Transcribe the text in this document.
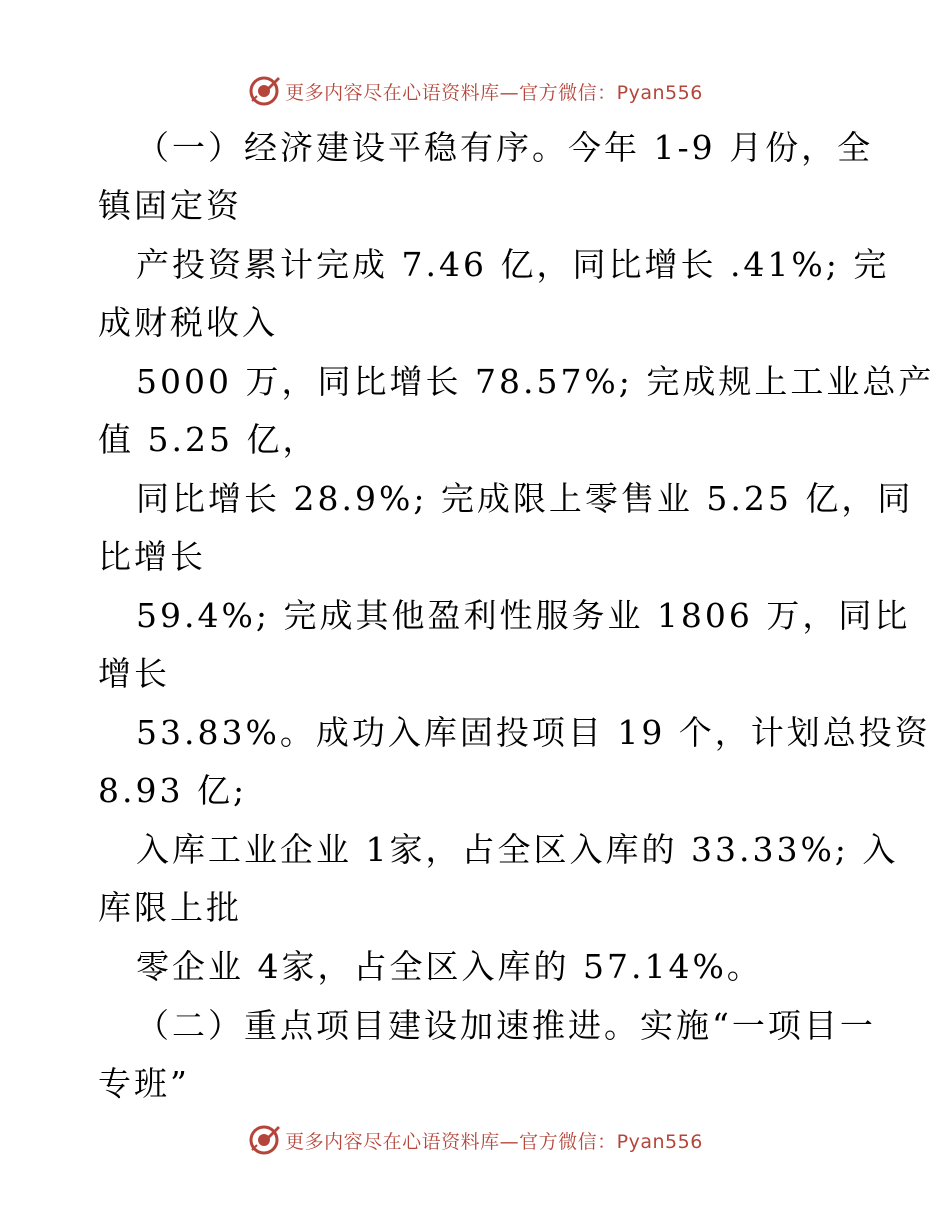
更多内容尽在心语资料库—官方微信：Pyan556
（一）经济建设平稳有序。今年 1-9 月份，全
镇固定资
产投资累计完成 7.46 亿，同比增长 .41%; 完
成财税收入
5000 万，同比增长 78.57%; 完成规上工业总产
值 5.25 亿，
同比增长 28.9%; 完成限上零售业 5.25 亿，同
比增长
59.4%; 完成其他盈利性服务业 1806 万，同比
增长
53.83%。成功入库固投项目 19 个，计划总投资
8.93 亿;
入库工业企业 1家，占全区入库的 33.33%; 入
库限上批
零企业 4家，占全区入库的 57.14%。
（二）重点项目建设加速推进。实施“一项目一
专班”
更多内容尽在心语资料库—官方微信：Pyan556
